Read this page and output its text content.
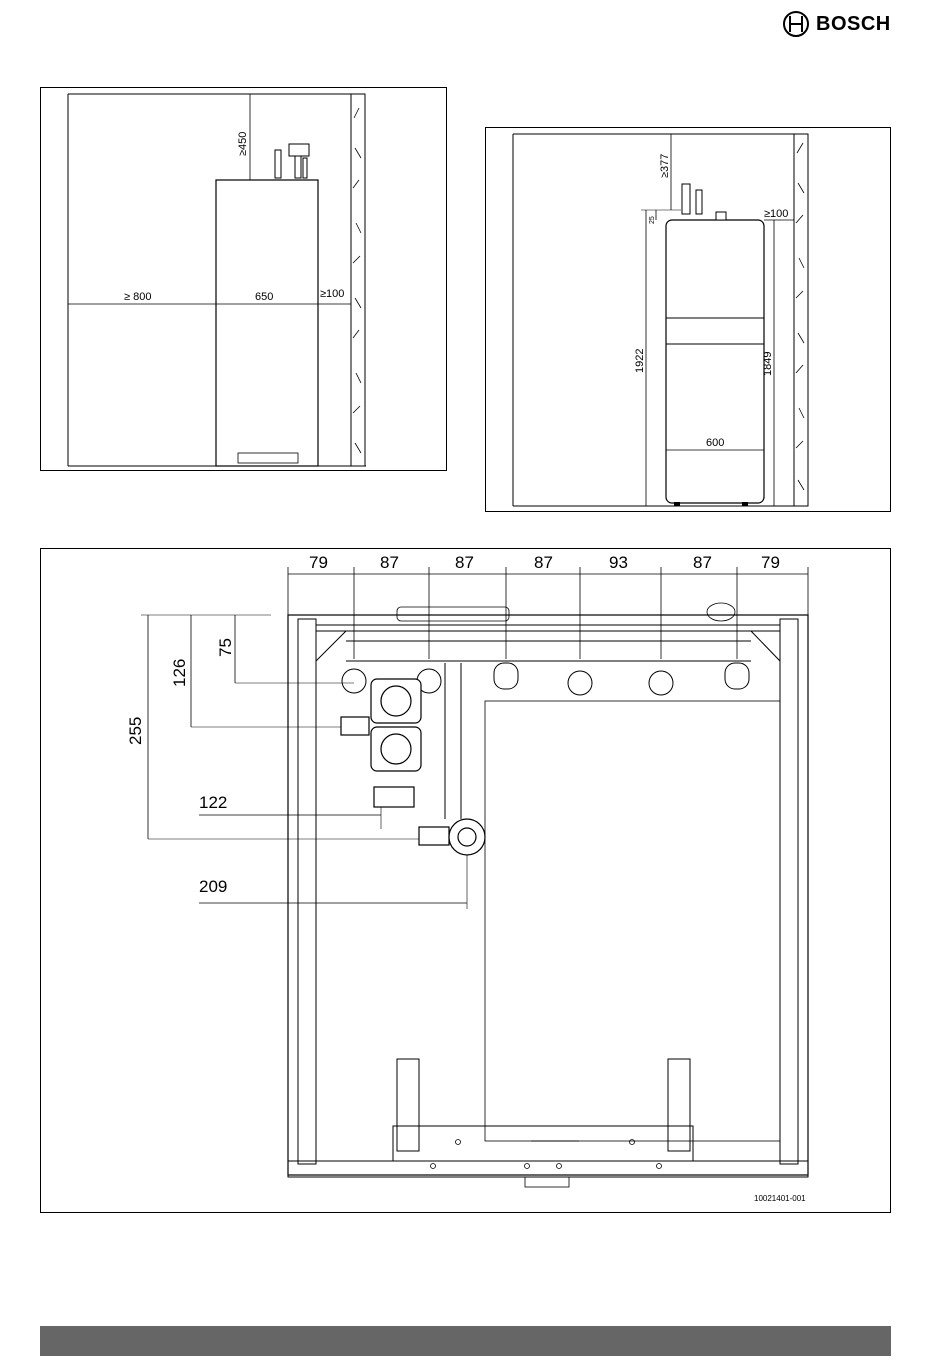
BOSCH
≥450
≥ 800	650	≥100
≥377
25
1922	1849
≥100
600
79	87	87	87	93	87	79
75
126
255
122
209
10021401-001
